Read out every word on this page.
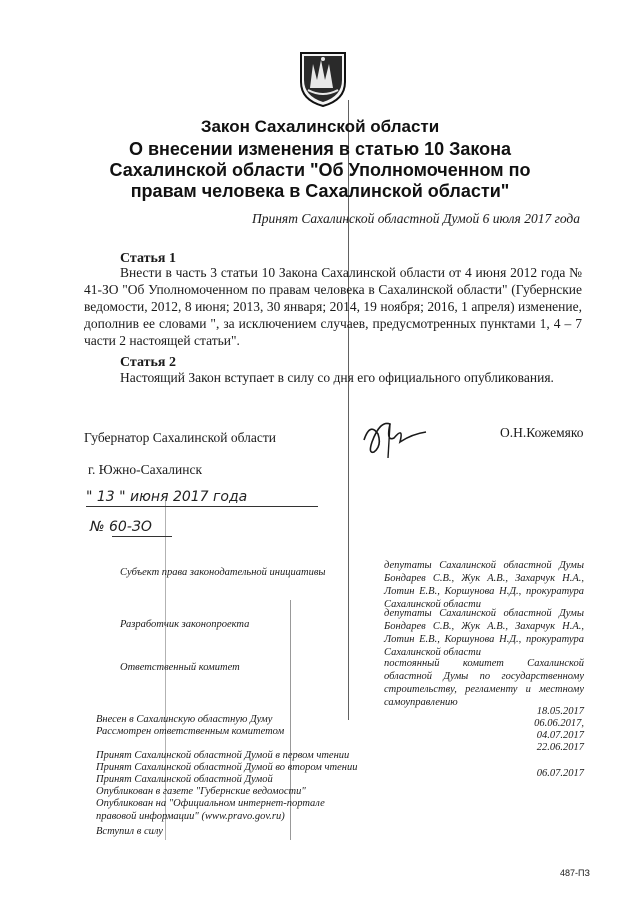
Закон Сахалинской области
О внесении изменения в статью 10 Закона Сахалинской области "Об Уполномоченном по правам человека в Сахалинской области"
Принят Сахалинской областной Думой 6 июля 2017 года
Статья 1
Внести в часть 3 статьи 10 Закона Сахалинской области от 4 июня 2012 года № 41-ЗО "Об Уполномоченном по правам человека в Сахалинской области" (Губернские ведомости, 2012, 8 июня; 2013, 30 января; 2014, 19 ноября; 2016, 1 апреля) изменение, дополнив ее словами ", за исключением случаев, предусмотренных пунктами 1, 4 – 7 части 2 настоящей статьи".
Статья 2
Настоящий Закон вступает в силу со дня его официального опубликования.
Губернатор Сахалинской области	О.Н.Кожемяко
г. Южно-Сахалинск
" 13 " июня 2017 года
№ 60-ЗО
Субъект права законодательной инициативы
Разработчик законопроекта
Ответственный комитет
депутаты Сахалинской областной Думы Бондарев С.В., Жук А.В., Захарчук Н.А., Лотин Е.В., Коршунова Н.Д., прокуратура Сахалинской области
депутаты Сахалинской областной Думы Бондарев С.В., Жук А.В., Захарчук Н.А., Лотин Е.В., Коршунова Н.Д., прокуратура Сахалинской области
постоянный комитет Сахалинской областной Думы по государственному строительству, регламенту и местному самоуправлению
Внесен в Сахалинскую областную Думу
Рассмотрен ответственным комитетом
Принят Сахалинской областной Думой в первом чтении
Принят Сахалинской областной Думой во втором чтении
Принят Сахалинской областной Думой
Опубликован в газете "Губернские ведомости"
Опубликован на "Официальном интернет-портале правовой информации" (www.pravo.gov.ru)
Вступил в силу
18.05.2017
06.06.2017,
04.07.2017
22.06.2017
06.07.2017
487-ПЗ
